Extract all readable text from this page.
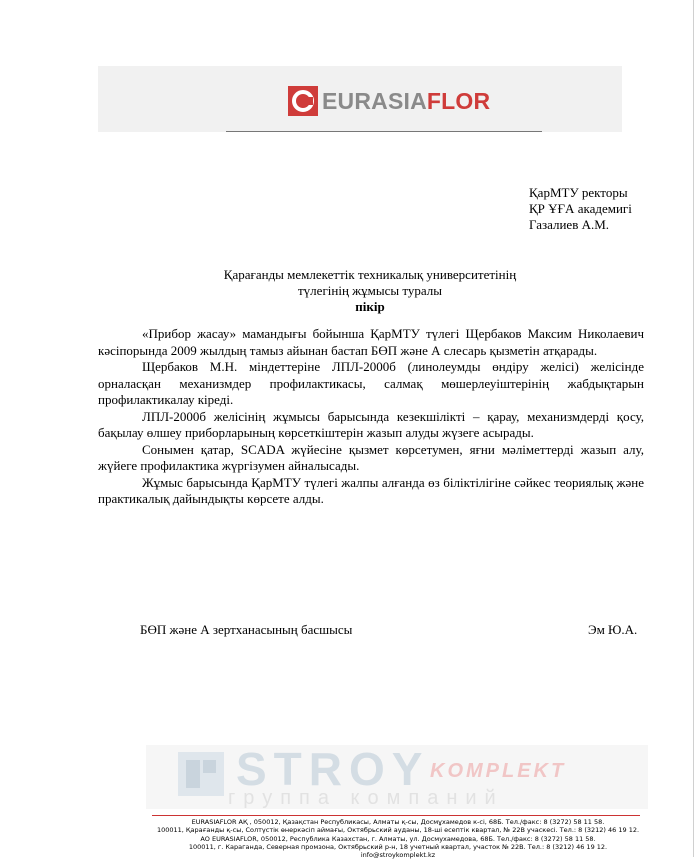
EURASIAFLOR
ҚарМТУ ректоры
ҚР ҰҒА академигі
Газалиев А.М.
Қарағанды мемлекеттік техникалық университетінің
түлегінің жұмысы туралы
пікір

«Прибор жасау» мамандығы бойынша ҚарМТУ түлегі Щербаков Максим Николаевич кәсіпорында 2009 жылдың тамыз айынан бастап БӨП және А слесарь қызметін атқарады.

Щербаков М.Н. міндеттеріне ЛПЛ-2000б (линолеумды өндіру желісі) желісінде орналасқан механизмдер профилактикасы, салмақ мөшерлеуіштерінің жабдықтарын профилактикалау кіреді.

ЛПЛ-2000б желісінің жұмысы барысында кезекшілікті – қарау, механизмдерді қосу, бақылау өлшеу приборларының көрсеткіштерін жазып алуды жүзеге асырады.

Сонымен қатар, SCADA жүйесіне қызмет көрсетумен, яғни мәліметтерді жазып алу, жүйеге профилактика жүргізумен айналысады.

Жұмыс барысында ҚарМТУ түлегі жалпы алғанда өз біліктілігіне сәйкес теориялық және практикалық дайындықты көрсете алды.

БӨП және А зертханасының басшысы	Эм Ю.А.
STROY KOMPLEKT
группа компаний
EURASIAFLOR АҚ , 050012, Қазақстан Республикасы, Алматы қ-сы, Досмұхамедов к-сі, 68Б. Тел./факс: 8 (3272) 58 11 58.
100011, Қарағанды қ-сы, Солтүстік өнеркәсіп аймағы, Октябрьский ауданы, 18-ші есептік квартал, № 22В учаскесі. Тел.: 8 (3212) 46 19 12.
АО EURASIAFLOR, 050012, Республика Казахстан, г. Алматы, ул. Досмухамедова, 68Б. Тел./факс: 8 (3272) 58 11 58.
100011, г. Караганда, Северная промзона, Октябрьский р-н, 18 учетный квартал, участок № 22В. Тел.: 8 (3212) 46 19 12.
info@stroykomplekt.kz
